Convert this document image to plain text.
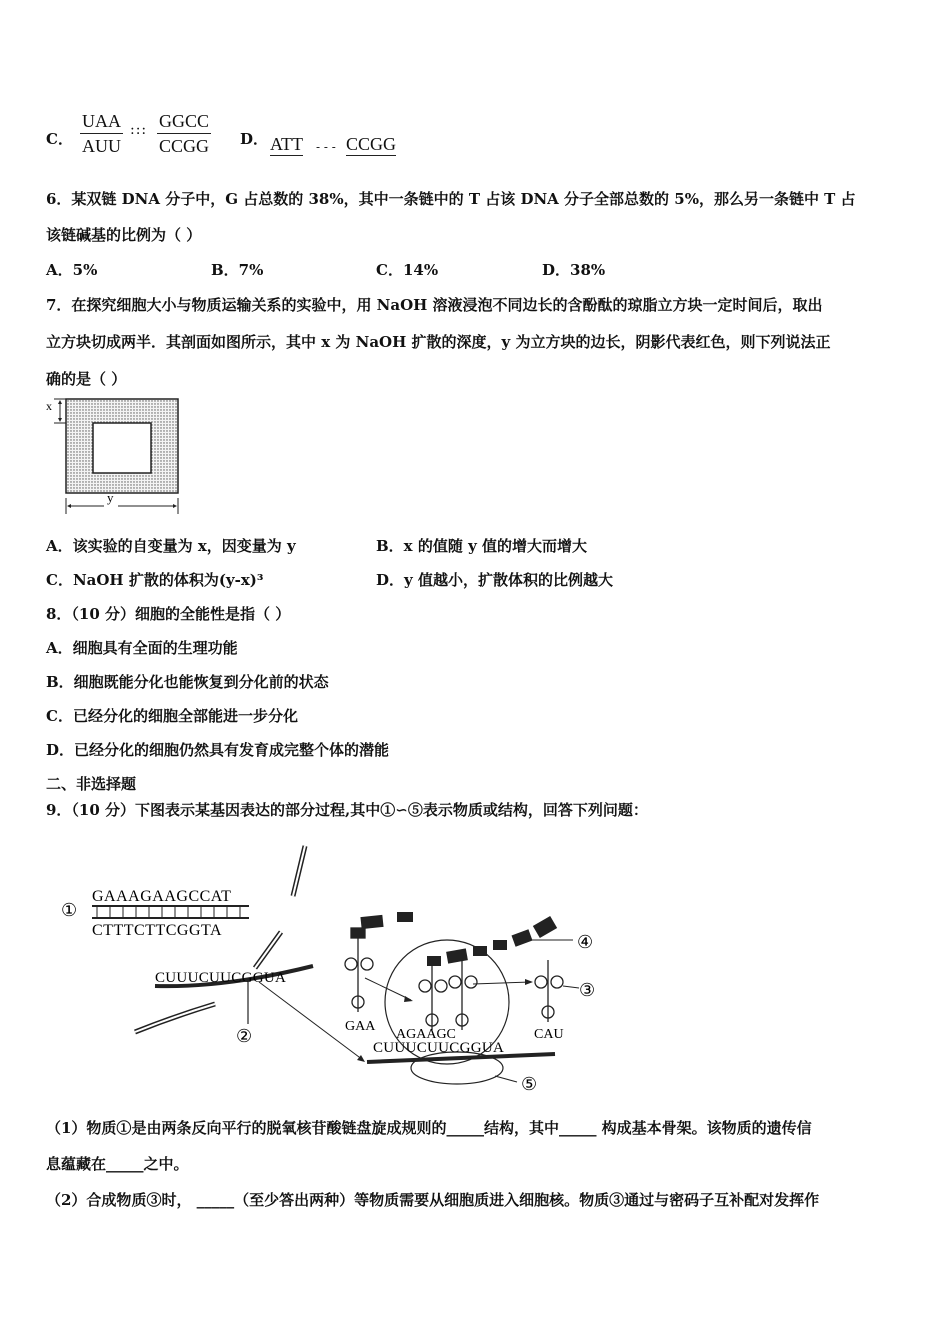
C．
UAA
AUU
::: GGCC
CCGG D． ATT - - - CCGG
6．某双链 DNA 分子中，G 占总数的 38%，其中一条链中的 T 占该 DNA 分子全部总数的 5%，那么另一条链中 T 占
该链碱基的比例为（ ）
A．5%	B．7%	C．14%	D．38%
7．在探究细胞大小与物质运输关系的实验中，用 NaOH 溶液浸泡不同边长的含酚酞的琼脂立方块一定时间后，取出
立方块切成两半．其剖面如图所示，其中 x 为 NaOH 扩散的深度，y 为立方块的边长，阴影代表红色，则下列说法正
确的是（ ）
x
y
A．该实验的自变量为 x，因变量为 y	B．x 的值随 y 值的增大而增大
C．NaOH 扩散的体积为(y-x)³	D．y 值越小，扩散体积的比例越大
8．（10 分）细胞的全能性是指（ ）
A．细胞具有全面的生理功能
B．细胞既能分化也能恢复到分化前的状态
C．已经分化的细胞全部能进一步分化
D．已经分化的细胞仍然具有发育成完整个体的潜能
二、非选择题
9．（10 分）下图表示某基因表达的部分过程,其中①∽⑤表示物质或结构，回答下列问题：
①
GAAAGAAGCCAT
CTTTCTTCGGTA
CUUUCUUCGGUA
②
CUUUCUUCGGUA
⑤
GAA
AGAAGC	CAU
③
④
（1）物质①是由两条反向平行的脱氧核苷酸链盘旋成规则的_____结构，其中_____ 构成基本骨架。该物质的遗传信
息蕴藏在_____之中。
（2）合成物质③时， _____（至少答出两种）等物质需要从细胞质进入细胞核。物质③通过与密码子互补配对发挥作
